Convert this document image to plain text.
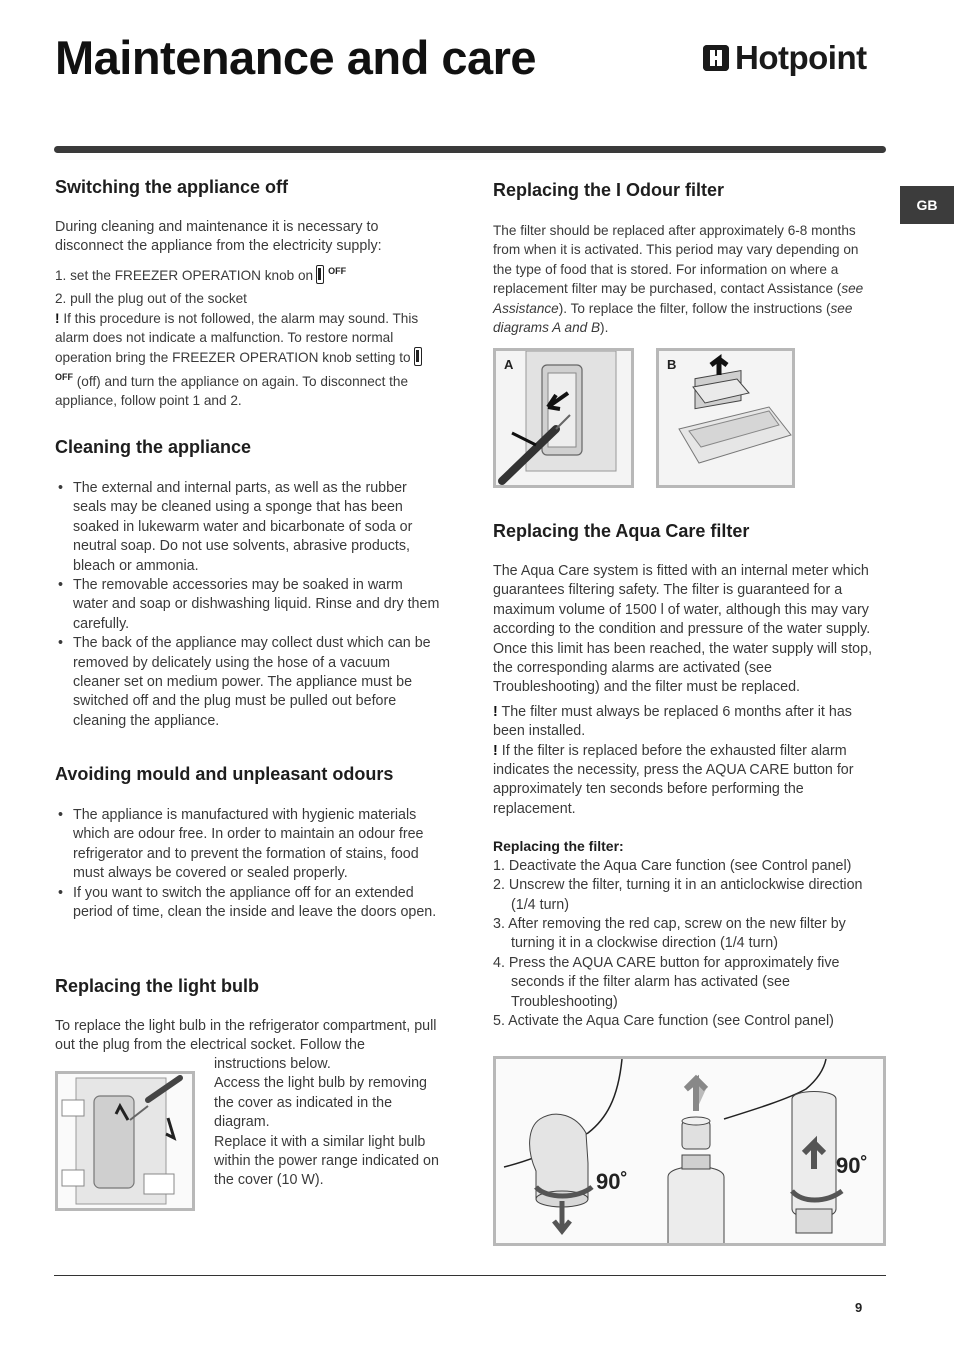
Maintenance and care	Hotpoint
GB
Switching the appliance off

During cleaning and maintenance it is necessary to disconnect the appliance from the electricity supply:

1. set the FREEZER OPERATION knob on $^{OFF}$

2. pull the plug out of the socket

! If this procedure is not followed, the alarm may sound. This alarm does not indicate a malfunction. To restore normal operation bring the FREEZER OPERATION knob setting $to^{OFF}$ (off) and turn the appliance on again. To disconnect the appliance, follow point 1 and 2.

Cleaning the appliance
• The external and internal parts, as well as the rubber seals may be cleaned using a sponge that has been soaked in lukewarm water and bicarbonate of soda or neutral soap. Do not use solvents, abrasive products, bleach or ammonia.
• The removable accessories may be soaked in warm water and soap or dishwashing liquid. Rinse and dry them carefully.
• The back of the appliance may collect dust which can be removed by delicately using the hose of a vacuum cleaner set on medium power. The appliance must be switched off and the plug must be pulled out before cleaning the appliance.
Avoiding mould and unpleasant odours
• The appliance is manufactured with hygienic materials which are odour free. In order to maintain an odour free refrigerator and to prevent the formation of stains, food must always be covered or sealed properly.
• If you want to switch the appliance off for an extended period of time, clean the inside and leave the doors open.
Replacing the light bulb

To replace the light bulb in the refrigerator compartment, pull out the plug from the electrical socket. Follow the

instructions below.

Access the light bulb by removing the cover as indicated in the diagram.

Replace it with a similar light bulb within the power range indicated on the cover (10 W).

Replacing the I Odour filter

The filter should be replaced after approximately 6-8 months from when it is activated. This period may vary depending on the type of food that is stored. For information on where a replacement filter may be purchased, contact Assistance (see Assistance). To replace the filter, follow the instructions (see diagrams A and B).

A	B
Replacing the Aqua Care filter

The Aqua Care system is fitted with an internal meter which guarantees filtering safety. The filter is guaranteed for a maximum volume of 1500 l of water, although this may vary according to the condition and pressure of the water supply. Once this limit has been reached, the water supply will stop, the corresponding alarms are activated (see Troubleshooting) and the filter must be replaced.

! The filter must always be replaced 6 months after it has been installed.

! If the filter is replaced before the exhausted filter alarm indicates the necessity, press the AQUA CARE button for approximately ten seconds before performing the replacement.

Replacing the filter:

1. Deactivate the Aqua Care function (see Control panel)
2. Unscrew the filter, turning it in an anticlockwise direction (1/4 turn)
3. After removing the red cap, screw on the new filter by turning it in a clockwise direction (1/4 turn)
4. Press the AQUA CARE button for approximately five seconds if the filter alarm has activated (see Troubleshooting)
5. Activate the Aqua Care function (see Control panel)
90˚
90˚
9
